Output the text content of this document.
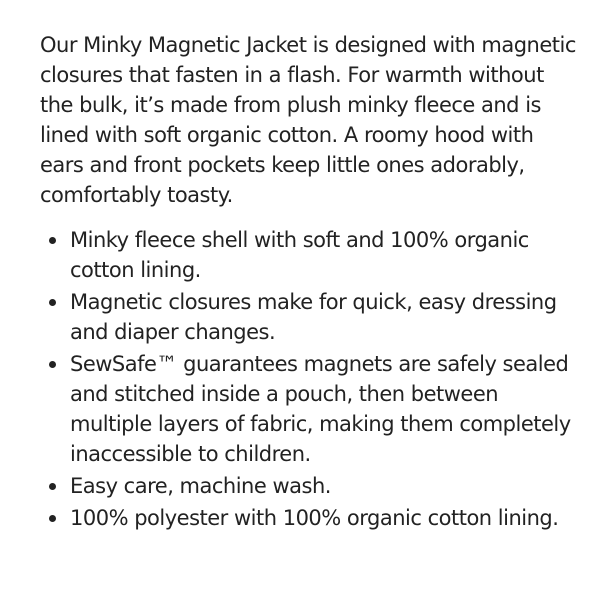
Our Minky Magnetic Jacket is designed with magnetic closures that fasten in a flash. For warmth without the bulk, it’s made from plush minky fleece and is lined with soft organic cotton. A roomy hood with ears and front pockets keep little ones adorably, comfortably toasty.

Minky fleece shell with soft and 100% organic cotton lining.
Magnetic closures make for quick, easy dressing and diaper changes.
SewSafe™ guarantees magnets are safely sealed and stitched inside a pouch, then between multiple layers of fabric, making them completely inaccessible to children.
Easy care, machine wash.
100% polyester with 100% organic cotton lining.
